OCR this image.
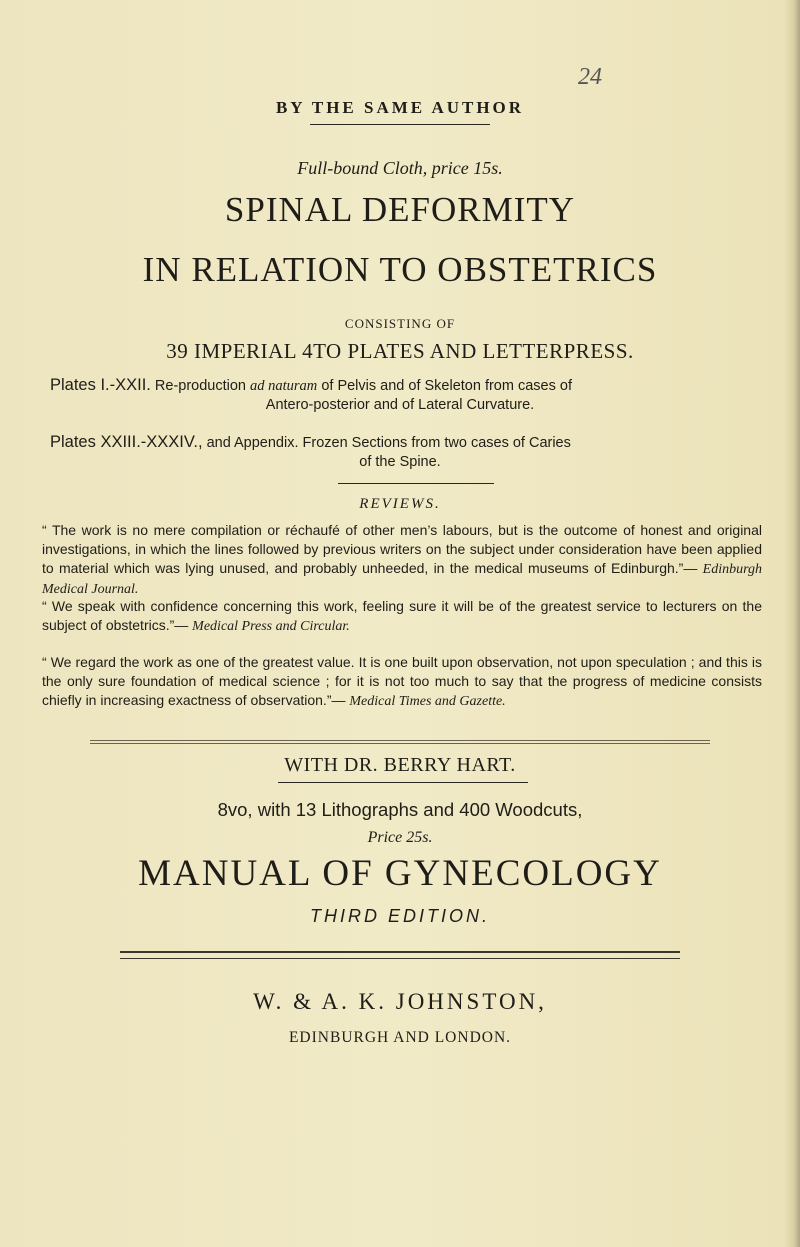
BY THE SAME AUTHOR
24
Full-bound Cloth, price 15s.
SPINAL DEFORMITY
IN RELATION TO OBSTETRICS
CONSISTING OF
39 IMPERIAL 4TO PLATES AND LETTERPRESS.
Plates I.-XXII. Re-production ad naturam of Pelvis and of Skeleton from cases of
Antero-posterior and of Lateral Curvature.
Plates XXIII.-XXXIV., and Appendix. Frozen Sections from two cases of Caries
of the Spine.
REVIEWS.
“ The work is no mere compilation or réchaufé of other men’s labours, but is the outcome of honest and original investigations, in which the lines followed by previous writers on the subject under consideration have been applied to material which was lying unused, and probably unheeded, in the medical museums of Edinburgh.”— Edinburgh Medical Journal.
“ We speak with confidence concerning this work, feeling sure it will be of the greatest service to lecturers on the subject of obstetrics.”— Medical Press and Circular.
“ We regard the work as one of the greatest value. It is one built upon observation, not upon speculation ; and this is the only sure foundation of medical science ; for it is not too much to say that the progress of medicine consists chiefly in increasing exactness of observation.”— Medical Times and Gazette.
WITH DR. BERRY HART.
8vo, with 13 Lithographs and 400 Woodcuts,
Price 25s.
MANUAL OF GYNECOLOGY
THIRD EDITION.
W. & A. K. JOHNSTON,
EDINBURGH AND LONDON.
